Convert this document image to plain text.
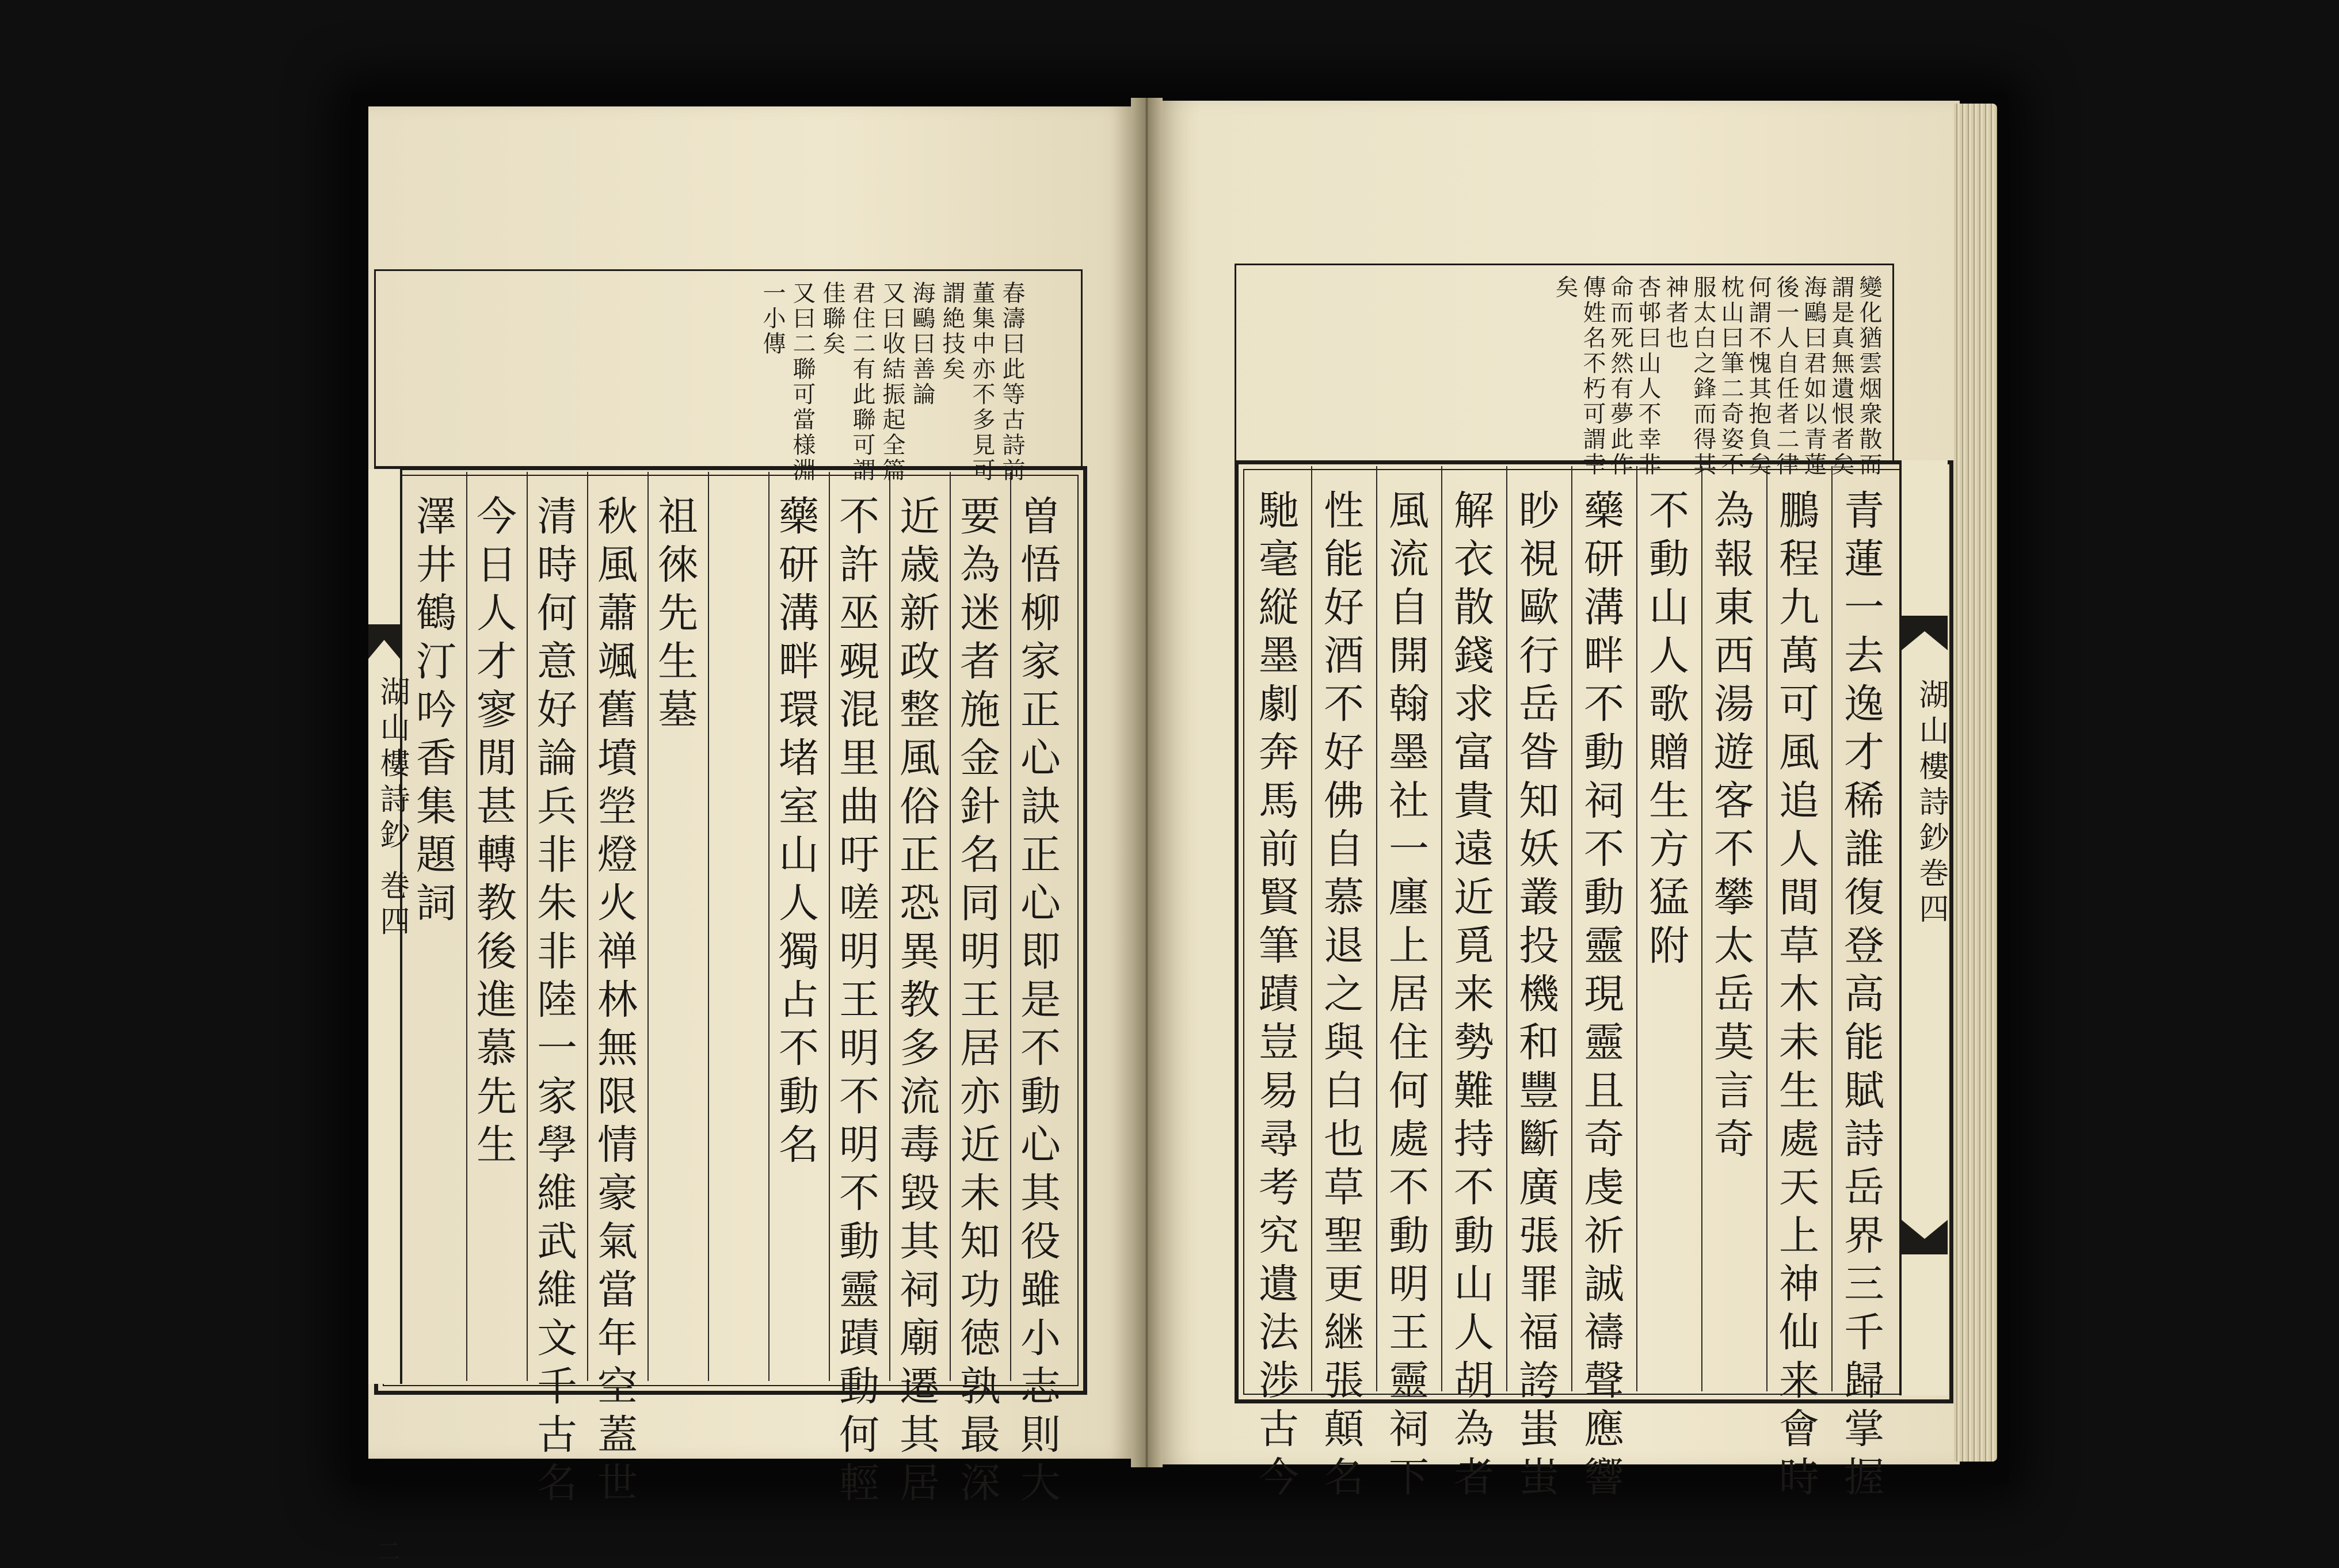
湖山樓詩鈔 巻四
二
湖山樓詩鈔巻四
曽悟柳家正心訣正心即是不動心其役雖小志則大
要為迷者施金針名同明王居亦近未知功徳孰最深
近歳新政整風俗正恐異教多流毒毀其祠廟遷其居
不許巫覡混里曲吁嗟明王明不明不動靈蹟動何輕
藥研溝畔環堵室山人獨占不動名
祖徠先生墓
秋風蕭颯舊墳塋燈火禅林無限情豪氣當年空蓋世
清時何意好論兵非朱非陸一家學維武維文千古名
今日人才寥閒甚轉教後進慕先生
澤井鶴汀吟香集題詞	青蓮一去逸才稀誰復登高能賦詩岳界三千歸掌握
鵬程九萬可風追人間草木未生處天上神仙来會時
為報東西湯遊客不攀太岳莫言奇
不動山人歌贈生方猛附
藥研溝畔不動祠不動靈現靈且奇虔祈誠禱聲應響
眇視歐行岳昝知妖叢投機和豐斷廣張罪福誇蚩蚩
解衣散錢求富貴遠近覓来勢難持不動山人胡為者
風流自開翰墨社一廛上居住何處不動明王靈祠下
性能好酒不好佛自慕退之與白也草聖更継張顛名
馳毫縦墨劇奔馬前賢筆蹟豈易尋考究遺法渉古今
春濤曰此等古詩前
董集中亦不多見可
謂絶技矣
海鷗曰善論
又曰收結振起全篇
君住二有此聯可謂
佳聯矣
又曰二聯可當様淵
一小傳	變化猶雲烟衆散而
謂是真無遺恨者矣
海鷗曰君如以青蓮
後一人自任者二律
何謂不愧其抱負矣
枕山曰筆二奇姿不
服太白之鋒而得其
神者也
杏邨曰山人不幸非
命而死然有夢此作
傳姓名不朽可謂幸
矣
